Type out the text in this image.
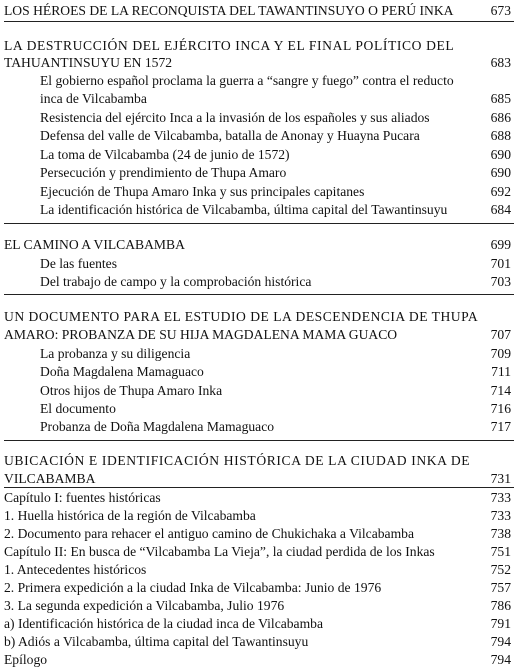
LOS HÉROES DE LA RECONQUISTA DEL TAWANTINSUYO O PERÚ INKA	673
LA DESTRUCCIÓN DEL EJÉRCITO INCA Y EL FINAL POLÍTICO DEL
TAHUANTINSUYU EN 1572	683
El gobierno español proclama la guerra a “sangre y fuego” contra el reducto
inca de Vilcabamba	685
Resistencia del ejército Inca a la invasión de los españoles y sus aliados	686
Defensa del valle de Vilcabamba, batalla de Anonay y Huayna Pucara	688
La toma de Vilcabamba (24 de junio de 1572)	690
Persecución y prendimiento de Thupa Amaro	690
Ejecución de Thupa Amaro Inka y sus principales capitanes	692
La identificación histórica de Vilcabamba, última capital del Tawantinsuyu	684
EL CAMINO A VILCABAMBA	699
De las fuentes	701
Del trabajo de campo y la comprobación histórica	703
UN DOCUMENTO PARA EL ESTUDIO DE LA DESCENDENCIA DE THUPA
AMARO: PROBANZA DE SU HIJA MAGDALENA MAMA GUACO	707
La probanza y su diligencia	709
Doña Magdalena Mamaguaco	711
Otros hijos de Thupa Amaro Inka	714
El documento	716
Probanza de Doña Magdalena Mamaguaco	717
UBICACIÓN E IDENTIFICACIÓN HISTÓRICA DE LA CIUDAD INKA DE
VILCABAMBA	731
Capítulo I: fuentes históricas	733
1. Huella histórica de la región de Vilcabamba	733
2. Documento para rehacer el antiguo camino de Chukichaka a Vilcabamba	738
Capítulo II: En busca de “Vilcabamba La Vieja”, la ciudad perdida de los Inkas	751
1. Antecedentes históricos	752
2. Primera expedición a la ciudad Inka de Vilcabamba: Junio de 1976	757
3. La segunda expedición a Vilcabamba, Julio 1976	786
a) Identificación histórica de la ciudad inca de Vilcabamba	791
b) Adiós a Vilcabamba, última capital del Tawantinsuyu	794
Epílogo	794
